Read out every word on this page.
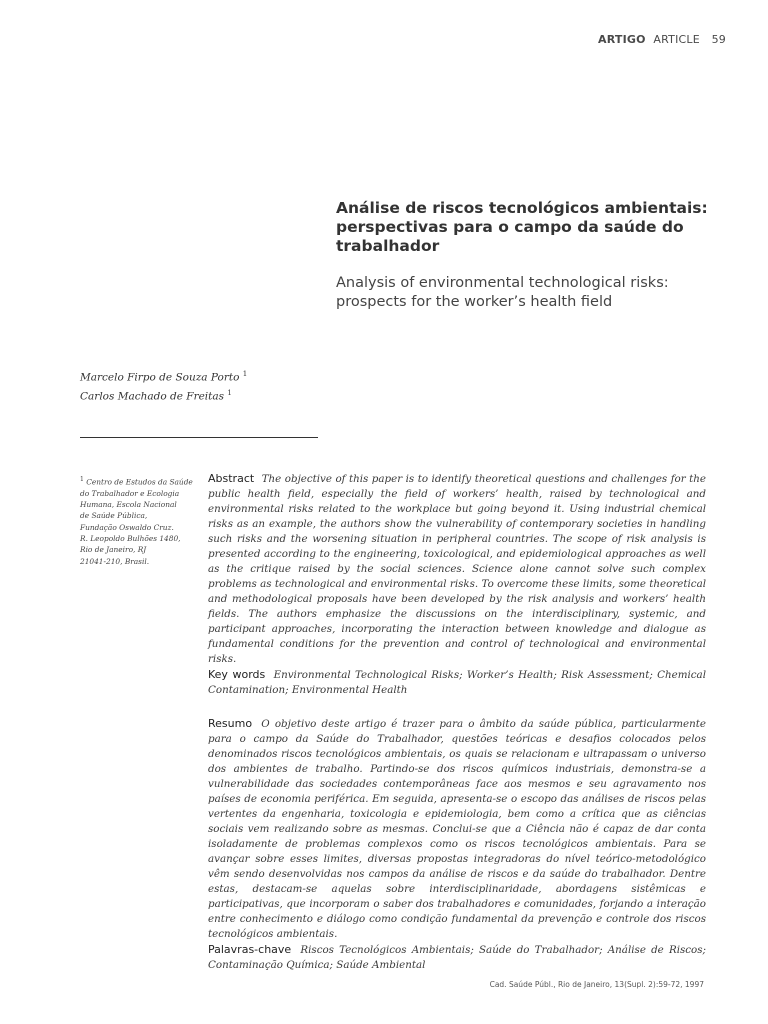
ARTIGO ARTICLE 59
Análise de riscos tecnológicos ambientais: perspectivas para o campo da saúde do trabalhador
Analysis of environmental technological risks: prospects for the worker’s health field
Marcelo Firpo de Souza Porto $^1$
Carlos Machado de Freitas $^1$

$^1$ Centro de Estudos da Saúde

do Trabalhador e Ecologia

Humana, Escola Nacional

de Saúde Pública,

Fundação Oswaldo Cruz.

R. Leopoldo Bulhões 1480,

Rio de Janeiro, RJ

21041-210, Brasil.

Abstract The objective of this paper is to identify theoretical questions and challenges for the public health field, especially the field of workers’ health, raised by technological and environmental risks related to the workplace but going beyond it. Using industrial chemical risks as an example, the authors show the vulnerability of contemporary societies in handling such risks and the worsening situation in peripheral countries. The scope of risk analysis is presented according to the engineering, toxicological, and epidemiological approaches as well as the critique raised by the social sciences. Science alone cannot solve such complex problems as technological and environmental risks. To overcome these limits, some theoretical and methodological proposals have been developed by the risk analysis and workers’ health fields. The authors emphasize the discussions on the interdisciplinary, systemic, and participant approaches, incorporating the interaction between knowledge and dialogue as fundamental conditions for the prevention and control of technological and environmental risks.

Key words Environmental Technological Risks; Worker’s Health; Risk Assessment; Chemical Contamination; Environmental Health

Resumo O objetivo deste artigo é trazer para o âmbito da saúde pública, particularmente para o campo da Saúde do Trabalhador, questões teóricas e desafios colocados pelos denominados riscos tecnológicos ambientais, os quais se relacionam e ultrapassam o universo dos ambientes de trabalho. Partindo-se dos riscos químicos industriais, demonstra-se a vulnerabilidade das sociedades contemporâneas face aos mesmos e seu agravamento nos países de economia periférica. Em seguida, apresenta-se o escopo das análises de riscos pelas vertentes da engenharia, toxicologia e epidemiologia, bem como a crítica que as ciências sociais vem realizando sobre as mesmas. Conclui-se que a Ciência não é capaz de dar conta isoladamente de problemas complexos como os riscos tecnológicos ambientais. Para se avançar sobre esses limites, diversas propostas integradoras do nível teórico-metodológico vêm sendo desenvolvidas nos campos da análise de riscos e da saúde do trabalhador. Dentre estas, destacam-se aquelas sobre interdisciplinaridade, abordagens sistêmicas e participativas, que incorporam o saber dos trabalhadores e comunidades, forjando a interação entre conhecimento e diálogo como condição fundamental da prevenção e controle dos riscos tecnológicos ambientais.

Palavras-chave Riscos Tecnológicos Ambientais; Saúde do Trabalhador; Análise de Riscos; Contaminação Química; Saúde Ambiental

Cad. Saúde Públ., Rio de Janeiro, 13(Supl. 2):59-72, 1997
